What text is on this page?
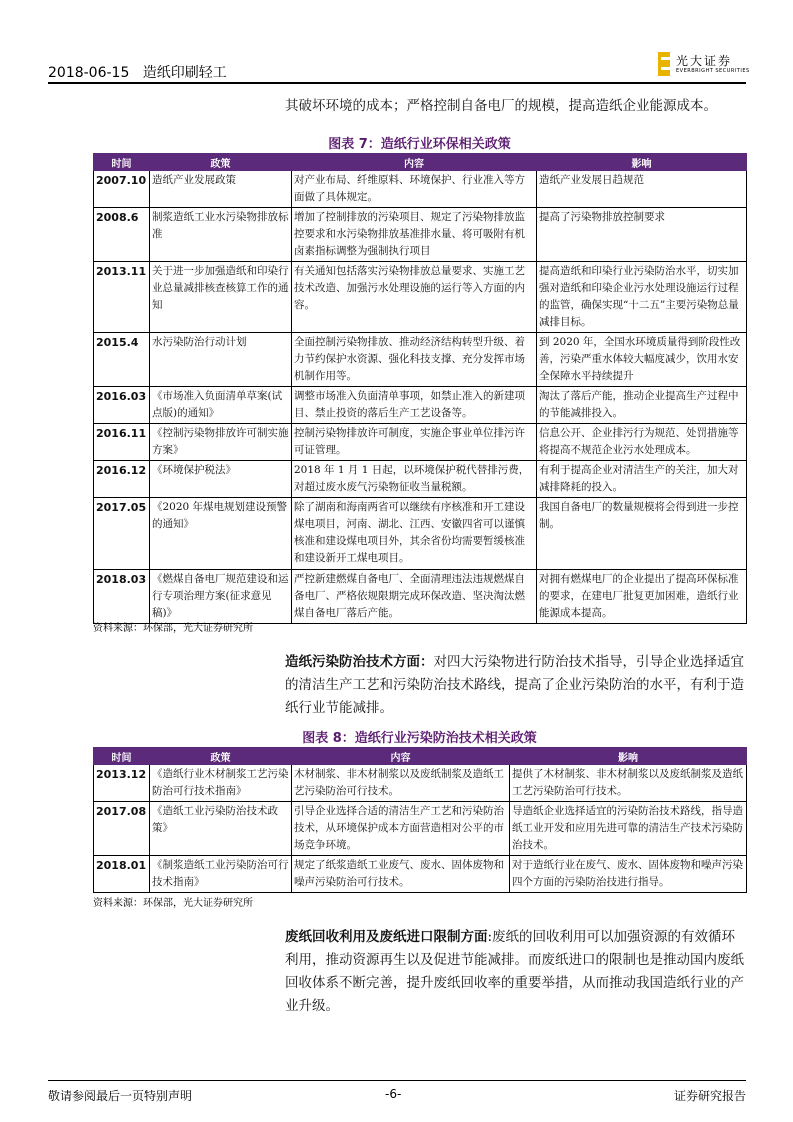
2018-06-15 造纸印刷轻工
光大证券
EVERBRIGHT SECURITIES
其破坏环境的成本；严格控制自备电厂的规模，提高造纸企业能源成本。
图表 7：造纸行业环保相关政策
时间	政策	内容	影响
2007.10	造纸产业发展政策	对产业布局、纤维原料、环境保护、行业准入等方面做了具体规定。	造纸产业发展日趋规范
2008.6	制浆造纸工业水污染物排放标准	增加了控制排放的污染项目、规定了污染物排放监控要求和水污染物排放基准排水量、将可吸附有机卤素指标调整为强制执行项目	提高了污染物排放控制要求
2013.11	关于进一步加强造纸和印染行业总量减排核查核算工作的通知	有关通知包括落实污染物排放总量要求、实施工艺技术改造、加强污水处理设施的运行等入方面的内容。	提高造纸和印染行业污染防治水平，切实加强对造纸和印染企业污水处理设施运行过程的监管，确保实现“十二五”主要污染物总量减排目标。
2015.4	水污染防治行动计划	全面控制污染物排放、推动经济结构转型升级、着力节约保护水资源、强化科技支撑、充分发挥市场机制作用等。	到 2020 年，全国水环境质量得到阶段性改善，污染严重水体较大幅度减少，饮用水安全保障水平持续提升
2016.03	《市场准入负面清单草案(试点版)的通知》	调整市场准入负面清单事项，如禁止准入的新建项目、禁止投资的落后生产工艺设备等。	淘汰了落后产能，推动企业提高生产过程中的节能减排投入。
2016.11	《控制污染物排放许可制实施方案》	控制污染物排放许可制度，实施企事业单位排污许可证管理。	信息公开、企业排污行为规范、处罚措施等将提高不规范企业污水处理成本。
2016.12	《环境保护税法》	2018 年 1 月 1 日起，以环境保护税代替排污费，对超过废水废气污染物征收当量税额。	有利于提高企业对清洁生产的关注，加大对减排降耗的投入。
2017.05	《2020 年煤电规划建设预警的通知》	除了湖南和海南两省可以继续有序核准和开工建设煤电项目，河南、湖北、江西、安徽四省可以谨慎核准和建设煤电项目外，其余省份均需要暂缓核准和建设新开工煤电项目。	我国自备电厂的数量规模将会得到进一步控制。
2018.03	《燃煤自备电厂规范建设和运行专项治理方案(征求意见稿)》	严控新建燃煤自备电厂、全面清理违法违规燃煤自备电厂、严格依规限期完成环保改造、坚决淘汰燃煤自备电厂落后产能。	对拥有燃煤电厂的企业提出了提高环保标准的要求，在建电厂批复更加困难，造纸行业能源成本提高。
资料来源：环保部，光大证券研究所
造纸污染防治技术方面：对四大污染物进行防治技术指导，引导企业选择适宜的清洁生产工艺和污染防治技术路线，提高了企业污染防治的水平，有利于造纸行业节能减排。
图表 8：造纸行业污染防治技术相关政策
时间	政策	内容	影响
2013.12	《造纸行业木材制浆工艺污染防治可行技术指南》	木材制浆、非木材制浆以及废纸制浆及造纸工艺污染防治可行技术。	提供了木材制浆、非木材制浆以及废纸制浆及造纸工艺污染防治可行技术。
2017.08	《造纸工业污染防治技术政策》	引导企业选择合适的清洁生产工艺和污染防治技术，从环境保护成本方面营造相对公平的市场竞争环境。	导造纸企业选择适宜的污染防治技术路线，指导造纸工业开发和应用先进可靠的清洁生产技术污染防治技术。
2018.01	《制浆造纸工业污染防治可行技术指南》	规定了纸浆造纸工业废气、废水、固体废物和噪声污染防治可行技术。	对于造纸行业在废气、废水、固体废物和噪声污染四个方面的污染防治技进行指导。
资料来源：环保部，光大证券研究所
废纸回收利用及废纸进口限制方面:废纸的回收利用可以加强资源的有效循环利用，推动资源再生以及促进节能减排。而废纸进口的限制也是推动国内废纸回收体系不断完善，提升废纸回收率的重要举措，从而推动我国造纸行业的产业升级。
敬请参阅最后一页特别声明	-6-	证券研究报告
